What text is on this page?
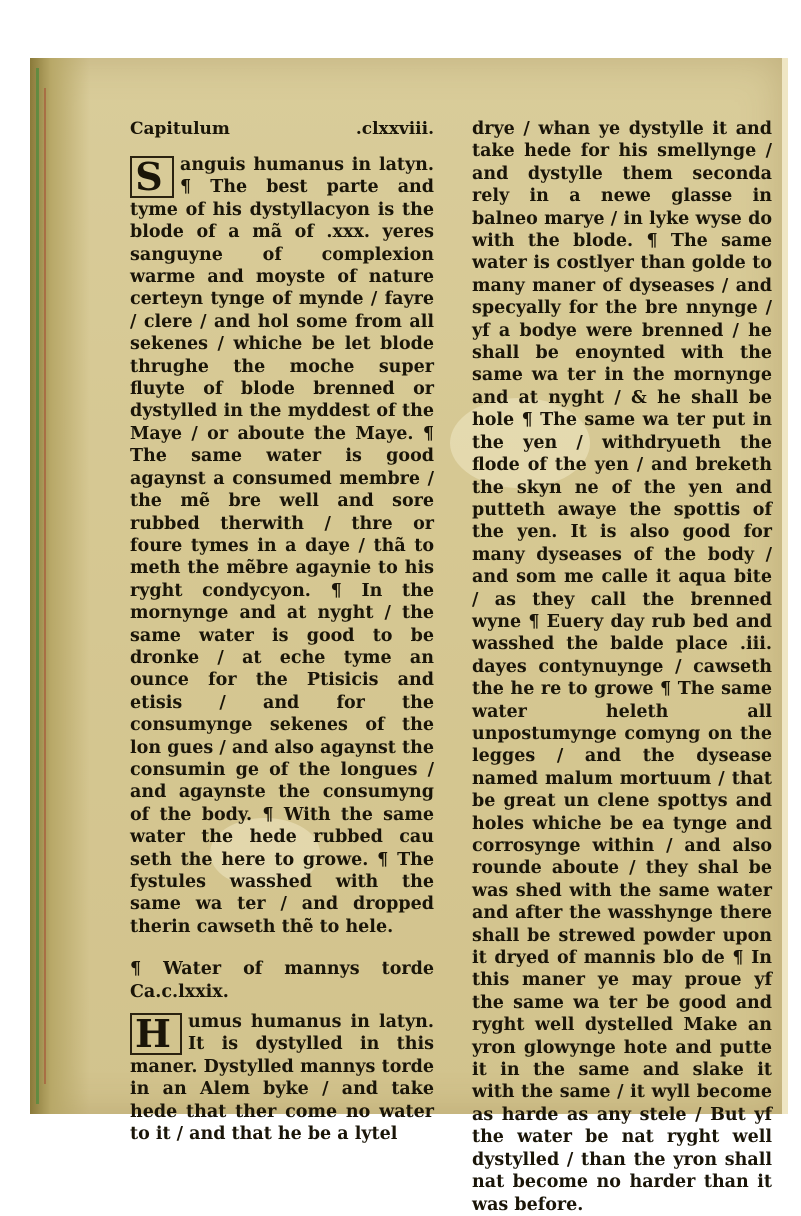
Capitulum	.clxxviii.

S anguis humanus in latyn. ¶ The best parte and tyme of his dystyllacyon is the blode of a mã of .xxx. yeres sanguyne of complexion warme and moyste of nature certeyn tynge of mynde / fayre / clere / and hol some from all sekenes / whiche be let blode thrughe the moche super fluyte of blode brenned or dystylled in the myddest of the Maye / or aboute the Maye. ¶ The same water is good agaynst a consumed membre / the mẽ bre well and sore rubbed therwith / thre or foure tymes in a daye / thã to meth the mẽbre agaynie to his ryght condycyon. ¶ In the mornynge and at nyght / the same water is good to be dronke / at eche tyme an ounce for the Ptisicis and etisis / and for the consumynge sekenes of the lon gues / and also agaynst the consumin ge of the longues / and agaynste the consumyng of the body. ¶ With the same water the hede rubbed cau seth the here to growe. ¶ The fystules wasshed with the same wa ter / and dropped therin cawseth thẽ to hele.

¶ Water of mannys torde Ca.c.lxxix.

H umus humanus in latyn. It is dystylled in this maner. Dystylled mannys torde in an Alem byke / and take hede that ther come no water to it / and that he be a lytel

drye / whan ye dystylle it and take hede for his smellynge / and dystylle them seconda rely in a newe glasse in balneo marye / in lyke wyse do with the blode. ¶ The same water is costlyer than golde to many maner of dyseases / and specyally for the bre nnynge / yf a bodye were brenned / he shall be enoynted with the same wa ter in the mornynge and at nyght / & he shall be hole ¶ The same wa ter put in the yen / withdryueth the flode of the yen / and breketh the skyn ne of the yen and putteth awaye the spottis of the yen. It is also good for many dyseases of the body / and som me calle it aqua bite / as they call the brenned wyne ¶ Euery day rub bed and wasshed the balde place .iii. dayes contynuynge / cawseth the he re to growe ¶ The same water heleth all unpostumynge comyng on the legges / and the dysease named malum mortuum / that be great un clene spottys and holes whiche be ea tynge and corrosynge within / and also rounde aboute / they shal be was shed with the same water and after the wasshynge there shall be strewed powder upon it dryed of mannis blo de ¶ In this maner ye may proue yf the same wa ter be good and ryght well dystelled Make an yron glowynge hote and putte it in the same and slake it with the same / it wyll become as harde as any stele / But yf the water be nat ryght well dystylled / than the yron shall nat become no harder than it was before.
